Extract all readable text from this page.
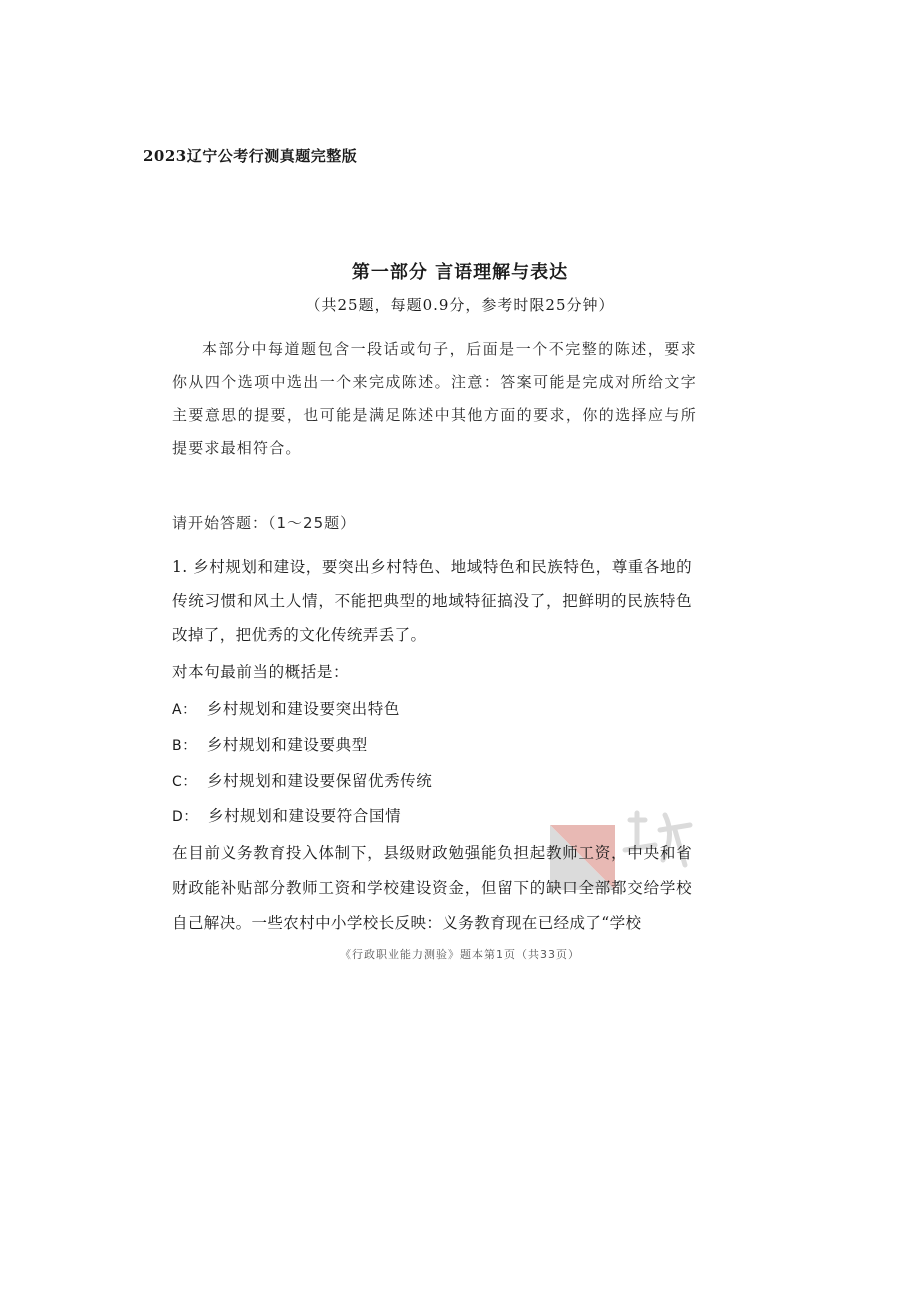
2023辽宁公考行测真题完整版
第一部分 言语理解与表达
（共25题，每题0.9分，参考时限25分钟）
本部分中每道题包含一段话或句子，后面是一个不完整的陈述，要求你从四个选项中选出一个来完成陈述。注意：答案可能是完成对所给文字主要意思的提要，也可能是满足陈述中其他方面的要求，你的选择应与所提要求最相符合。
请开始答题：（1～25题）
1. 乡村规划和建设，要突出乡村特色、地域特色和民族特色，尊重各地的传统习惯和风土人情，不能把典型的地域特征搞没了，把鲜明的民族特色改掉了，把优秀的文化传统弄丢了。
对本句最前当的概括是：
A： 乡村规划和建设要突出特色
B： 乡村规划和建设要典型
C： 乡村规划和建设要保留优秀传统
D： 乡村规划和建设要符合国情
在目前义务教育投入体制下，县级财政勉强能负担起教师工资，中央和省财政能补贴部分教师工资和学校建设资金，但留下的缺口全部都交给学校自己解决。一些农村中小学校长反映：义务教育现在已经成了“学校
《行政职业能力测验》题本第1页（共33页）
